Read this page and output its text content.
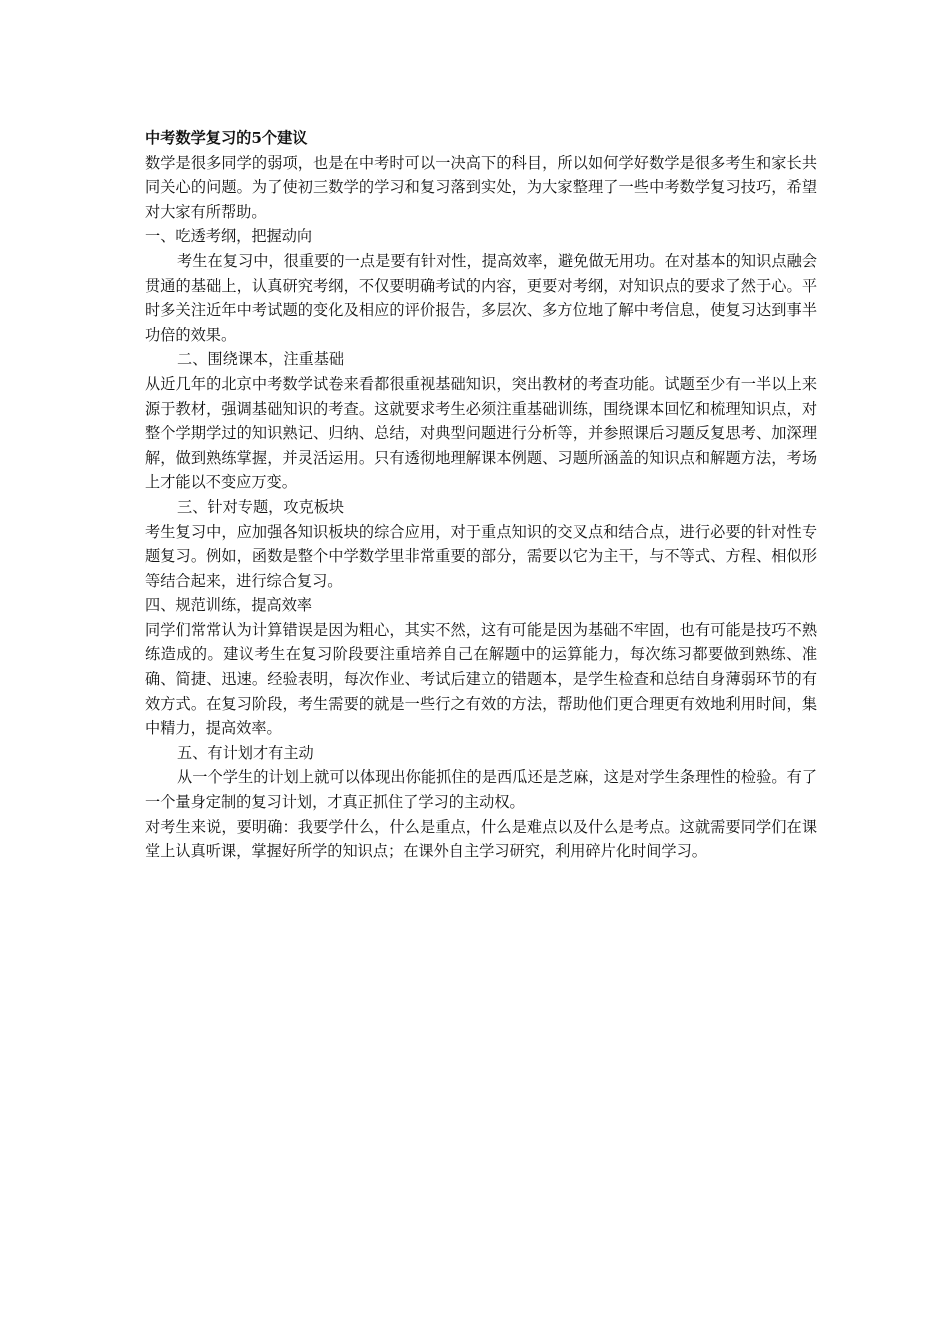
中考数学复习的5个建议

数学是很多同学的弱项，也是在中考时可以一决高下的科目，所以如何学好数学是很多考生和家长共同关心的问题。为了使初三数学的学习和复习落到实处，为大家整理了一些中考数学复习技巧，希望对大家有所帮助。

一、吃透考纲，把握动向

考生在复习中，很重要的一点是要有针对性，提高效率，避免做无用功。在对基本的知识点融会贯通的基础上，认真研究考纲，不仅要明确考试的内容，更要对考纲，对知识点的要求了然于心。平时多关注近年中考试题的变化及相应的评价报告，多层次、多方位地了解中考信息，使复习达到事半功倍的效果。

二、围绕课本，注重基础

从近几年的北京中考数学试卷来看都很重视基础知识，突出教材的考查功能。试题至少有一半以上来源于教材，强调基础知识的考查。这就要求考生必须注重基础训练，围绕课本回忆和梳理知识点，对整个学期学过的知识熟记、归纳、总结，对典型问题进行分析等，并参照课后习题反复思考、加深理解，做到熟练掌握，并灵活运用。只有透彻地理解课本例题、习题所涵盖的知识点和解题方法，考场上才能以不变应万变。

三、针对专题，攻克板块

考生复习中，应加强各知识板块的综合应用，对于重点知识的交叉点和结合点，进行必要的针对性专题复习。例如，函数是整个中学数学里非常重要的部分，需要以它为主干，与不等式、方程、相似形等结合起来，进行综合复习。

四、规范训练，提高效率

同学们常常认为计算错误是因为粗心，其实不然，这有可能是因为基础不牢固，也有可能是技巧不熟练造成的。建议考生在复习阶段要注重培养自己在解题中的运算能力，每次练习都要做到熟练、准确、简捷、迅速。经验表明，每次作业、考试后建立的错题本，是学生检查和总结自身薄弱环节的有效方式。在复习阶段，考生需要的就是一些行之有效的方法，帮助他们更合理更有效地利用时间，集中精力，提高效率。

五、有计划才有主动

从一个学生的计划上就可以体现出你能抓住的是西瓜还是芝麻，这是对学生条理性的检验。有了一个量身定制的复习计划，才真正抓住了学习的主动权。

对考生来说，要明确：我要学什么，什么是重点，什么是难点以及什么是考点。这就需要同学们在课堂上认真听课，掌握好所学的知识点；在课外自主学习研究，利用碎片化时间学习。
